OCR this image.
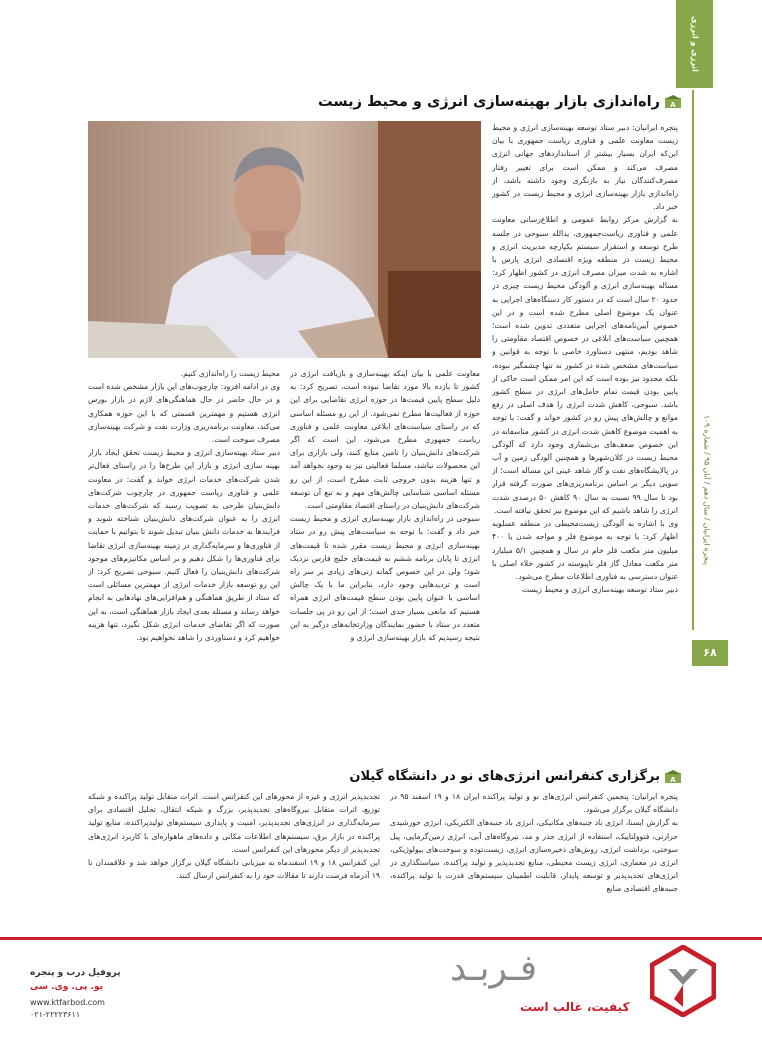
انرژی و انرژی
پنجره ایرانیان / سال دهم / آبان ۹۵ / شماره ۱۰۹
۶۸
A
راه‌اندازی بازار بهینه‌سازی انرژی و محیط زیست

پنجره ایرانیان: دبیر ستاد توسعه بهینه‌سازی انرژی و محیط زیست معاونت علمی و فناوری ریاست جمهوری با بیان این‌که ایران بسیار بیشتر از استانداردهای جهانی انرژی مصرف می‌کند و ممکن است برای تغییر رفتار مصرف‌کنندگان نیاز به بازنگری وجود داشته باشد، از راه‌اندازی بازار بهینه‌سازی انرژی و محیط زیست در کشور خبر داد.

به گزارش مرکز روابط عمومی و اطلاع‌رسانی معاونت علمی و فناوری ریاست‌جمهوری، یدالله سبوحی در جلسه طرح توسعه و استقرار سیستم یکپارچه مدیریت انرژی و محیط زیست در منطقه ویژه اقتصادی انرژی پارس با اشاره به شدت میزان مصرف انرژی در کشور اظهار کرد: مساله بهینه‌سازی انرژی و آلودگی محیط زیست چیزی در حدود ۲۰ سال است که در دستور کار دستگاه‌های اجرایی به عنوان یک موضوع اصلی مطرح شده است و در این خصوص آیین‌نامه‌های اجرایی متعددی تدوین شده است؛ همچنین سیاست‌های ابلاغی در خصوص اقتصاد مقاومتی را شاهد بودیم، منتهی دستاورد خاصی با توجه به قوانین و سیاست‌های مشخص شده در کشور نه تنها چشمگیر نبوده، بلکه محدود نیز بوده است که این امر ممکن است حاکی از پایین بودن قیمت تمام حامل‌های انرژی در سطح کشور باشد. سبوحی، کاهش شدت انرژی را هدف اصلی در رفع موانع و چالش‌های پیش رو در کشور خواند و گفت: با توجه به اهمیت موضوع کاهش شدت انرژی در کشور متاسفانه در این خصوص ضعف‌های بی‌شماری وجود دارد که آلودگی محیط زیست در کلان‌شهرها و همچنین آلودگی زمین و آب در پالایشگاه‌های نفت و گاز شاهد عینی این مساله است؛ از سویی دیگر بر اساس برنامه‌ریزی‌های صورت گرفته قرار بود تا سال ۹۹ نسبت به سال ۹۰ کاهش ۵۰ درصدی شدت انرژی را شاهد باشیم که این موضوع نیز تحقق نیافته است.

وی با اشاره به آلودگی زیست‌محیطی در منطقه عسلویه اظهار کرد: با توجه به موضوع فلر و مواجه شدن با ۴۰۰ میلیون متر مکعب فلر خام در سال و همچنین ۵/۱ میلیارد متر مکعب معادل گاز فلر ناپیوسته در کشور خلاء اصلی با عنوان دسترسی به فناوری اطلاعات مطرح می‌شود.

دبیر ستاد توسعه بهینه‌سازی انرژی و محیط زیست

معاونت علمی با بیان اینکه بهینه‌سازی و بازیافت انرژی در کشور تا بازده بالا مورد تقاضا نبوده است، تصریح کرد: به دلیل سطح پایین قیمت‌ها در حوزه انرژی تقاضایی برای این حوزه از فعالیت‌ها مطرح نمی‌شود. از این رو مسئله اساسی که در راستای سیاست‌های ابلاغی معاونت علمی و فناوری ریاست جمهوری مطرح می‌شود، این است که اگر شرکت‌های دانش‌بنیان را تامین منابع کنند، ولی بازاری برای این محصولات نباشد، مسلما فعالیتی نیز به وجود نخواهد آمد و تنها هزینه بدون خروجی ثابت مطرح است، از این رو مسئله اساسی شناسایی چالش‌های مهم و به تبع آن توسعه شرکت‌های دانش‌بنیان در راستای اقتصاد مقاومتی است.

سبوحی در راه‌اندازی بازار بهینه‌سازی انرژی و محیط زیست خبر داد و گفت: با توجه به سیاست‌های پیش رو در ستاد بهینه‌سازی انرژی و محیط زیست مقرر شده تا قیمت‌های انرژی تا پایان برنامه ششم به قیمت‌های خلیج فارس نزدیک شود؛ ولی در این خصوص گمانه زنی‌های زیادی بر سر راه است و تردیدهایی وجود دارد، بنابراین ما با یک چالش اساسی با عنوان پایین بودن سطح قیمت‌های انرژی همراه هستیم که مانعی بسیار جدی است؛ از این رو در پی جلسات متعدد در ستاد با حضور نمایندگان وزارتخانه‌های درگیر به این نتیجه رسیدیم که بازار بهینه‌سازی انرژی و

محیط زیست را راه‌اندازی کنیم.

وی در ادامه افزود: چارچوب‌های این بازار مشخص شده است و در حال حاضر در حال هماهنگی‌های لازم در بازار بورس انرژی هستیم و مهمترین قسمتی که با این حوزه همکاری می‌کند، معاونت برنامه‌ریزی وزارت نفت و شرکت بهینه‌سازی مصرف سوخت است.

دبیر ستاد بهینه‌سازی انرژی و محیط زیست تحقق ایجاد بازار بهینه سازی انرژی و بازار این طرح‌ها را در راستای فعال‌تر شدن شرکت‌های خدمات انرژی خواند و گفت: در معاونت علمی و فناوری ریاست جمهوری در چارچوب شرکت‌های دانش‌بنیان طرحی به تصویب رسید که شرکت‌های خدمات انرژی را به عنوان شرکت‌های دانش‌بنیان شناخته شوند و فرایندها به خدمات دانش بنیان تبدیل شوند تا بتوانیم با حمایت از فناوری‌ها و سرمایه‌گذاری در زمینه بهینه‌سازی انرژی تقاضا برای فناوری‌ها را شکل دهیم و بر اساس مکانیزم‌های موجود شرکت‌های دانش‌بنیان را فعال کنیم. سبوحی تصریح کرد: از این رو توسعه بازار خدمات انرژی از مهمترین مسائلی است که ستاد از طریق هماهنگی و هم‌افزایی‌های نهادهایی به انجام خواهد رساند و مسئله بعدی ایجاد بازار هماهنگی است، به این صورت که اگر تقاضای خدمات انرژی شکل نگیرد، تنها هزینه خواهیم کرد و دستاوردی را شاهد نخواهیم بود.

A
برگزاری کنفرانس انرژی‌های نو در دانشگاه گیلان

پنجره ایرانیان: پنجمین کنفرانس انرژی‌های نو و تولید پراکنده ایران ۱۸ و ۱۹ اسفند ۹۵ در دانشگاه گیلان برگزار می‌شود.

به گزارش ایسنا، انرژی باد جنبه‌های مکانیکی، انرژی باد جنبه‌های الکتریکی، انرژی خورشیدی حرارتی، فتوولتاییک، استفاده از انرژی جذر و مد، نیروگاه‌های آبی، انرژی زمین‌گرمایی، پیل سوختی، برداشت انرژی، روش‌های ذخیره‌سازی انرژی، زیست‌توده و سوخت‌های بیولوژیکی، انرژی در معماری، انرژی زیست محیطی، منابع تجدیدپذیر و تولید پراکنده، سیاستگذاری در انرژی‌های تجدیدپذیر و توسعه پایدار، قابلیت اطمینان سیستم‌های قدرت با تولید پراکنده، جنبه‌های اقتصادی منابع

تجدیدپذیر انرژی و غیره از محورهای این کنفرانس است. اثرات متقابل تولید پراکنده و شبکه توزیع، اثرات متقابل نیروگاه‌های تجدیدپذیر، بزرگ و شبکه انتقال، تحلیل اقتصادی برای سرمایه‌گذاری در انرژی‌های تجدیدپذیر، امنیت و پایداری سیستم‌های تولیدپراکنده، منابع تولید پراکنده در بازار برق، سیستم‌های اطلاعات مکانی و داده‌های ماهواره‌ای با کاربرد انرژی‌های تجدیدپذیر از دیگر محورهای این کنفرانس است.

این کنفرانس ۱۸ و ۱۹ اسفندماه به میزبانی دانشگاه گیلان برگزار خواهد شد و علاقمندان تا ۱۹ آذرماه فرصت دارند تا مقالات خود را به کنفرانس ارسال کنند.

فـربـد
کیفیت، غالب است
پروفیل درب و پنجره
یو. پی. وی. سی
www.ktfarbod.com
۰۲۱-۲۲۲۲۳۶۱۱
